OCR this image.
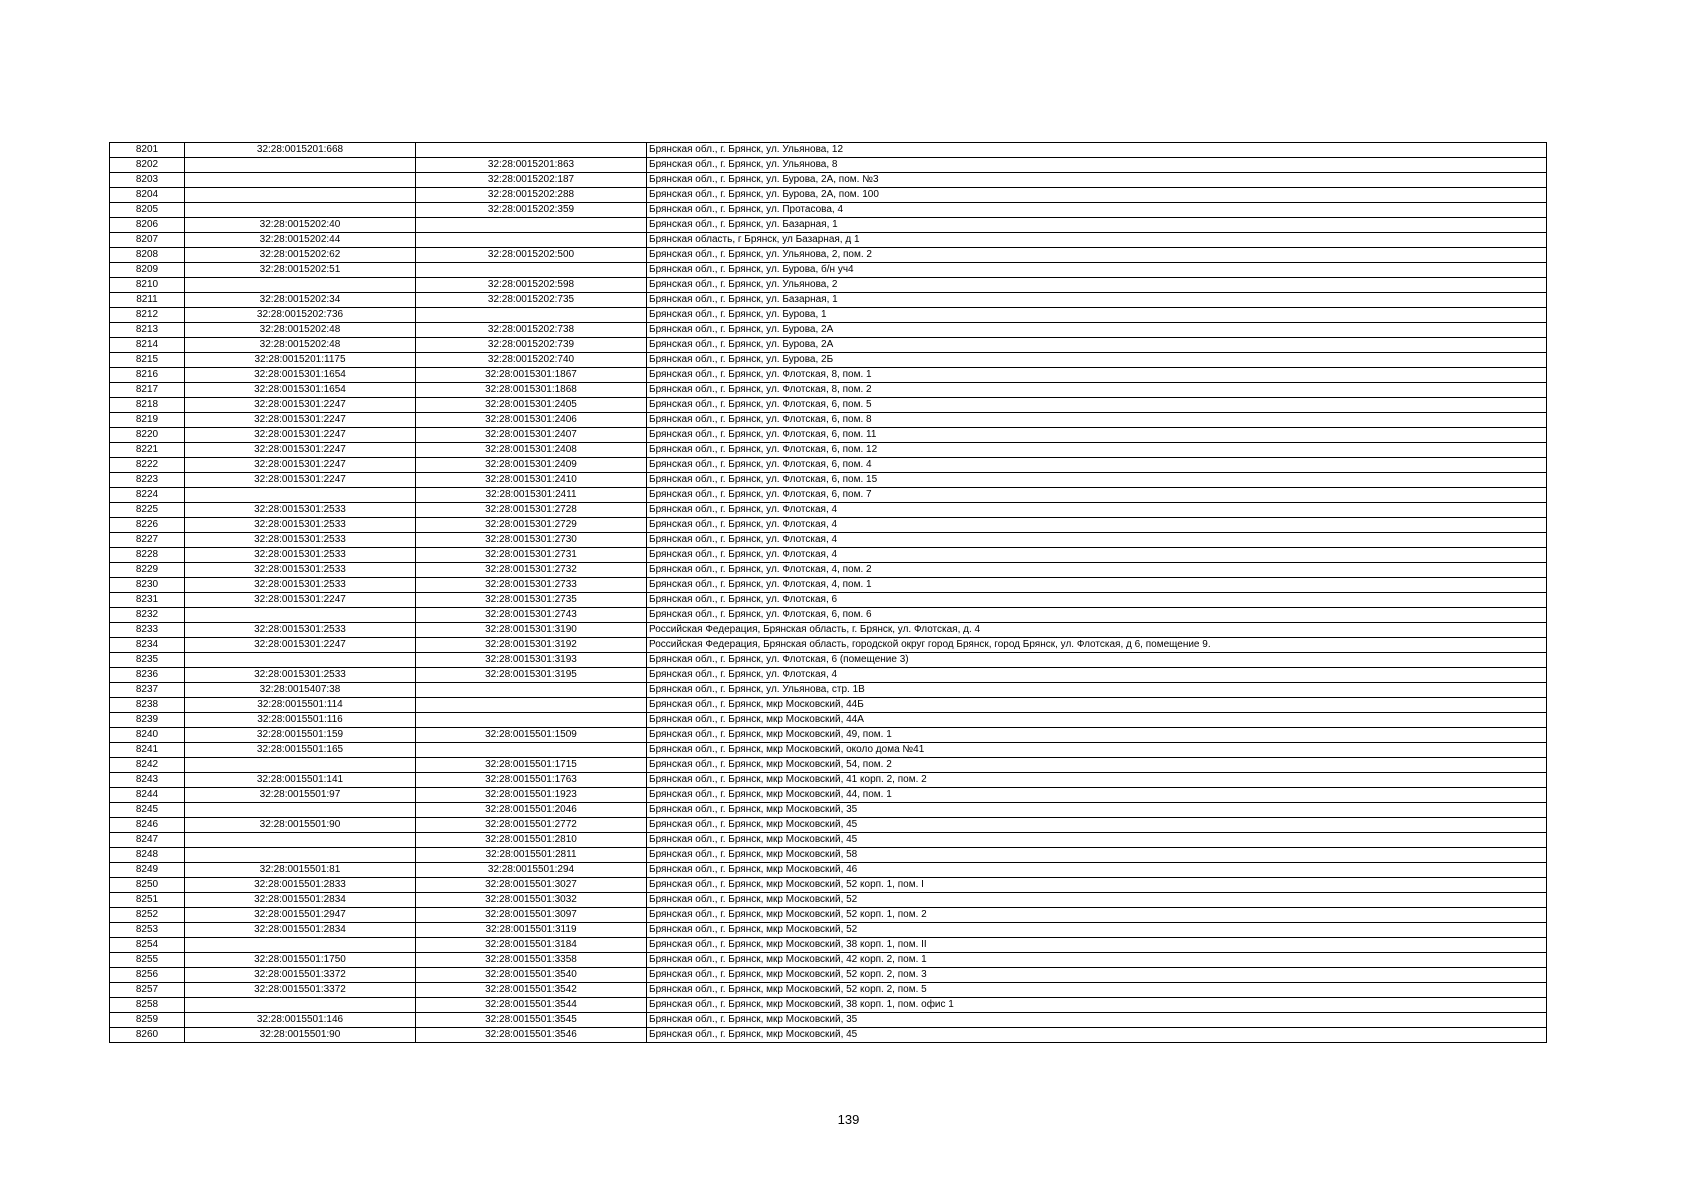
8201	32:28:0015201:668		Брянская обл., г. Брянск, ул. Ульянова, 12
8202		32:28:0015201:863	Брянская обл., г. Брянск, ул. Ульянова, 8
8203		32:28:0015202:187	Брянская обл., г. Брянск, ул. Бурова, 2А, пом. №3
8204		32:28:0015202:288	Брянская обл., г. Брянск, ул. Бурова, 2А, пом. 100
8205		32:28:0015202:359	Брянская обл., г. Брянск, ул. Протасова, 4
8206	32:28:0015202:40		Брянская обл., г. Брянск, ул. Базарная, 1
8207	32:28:0015202:44		Брянская область, г Брянск, ул Базарная, д 1
8208	32:28:0015202:62	32:28:0015202:500	Брянская обл., г. Брянск, ул. Ульянова, 2, пом. 2
8209	32:28:0015202:51		Брянская обл., г. Брянск, ул. Бурова, б/н уч4
8210		32:28:0015202:598	Брянская обл., г. Брянск, ул. Ульянова, 2
8211	32:28:0015202:34	32:28:0015202:735	Брянская обл., г. Брянск, ул. Базарная, 1
8212	32:28:0015202:736		Брянская обл., г. Брянск, ул. Бурова, 1
8213	32:28:0015202:48	32:28:0015202:738	Брянская обл., г. Брянск, ул. Бурова, 2А
8214	32:28:0015202:48	32:28:0015202:739	Брянская обл., г. Брянск, ул. Бурова, 2А
8215	32:28:0015201:1175	32:28:0015202:740	Брянская обл., г. Брянск, ул. Бурова, 2Б
8216	32:28:0015301:1654	32:28:0015301:1867	Брянская обл., г. Брянск, ул. Флотская, 8, пом. 1
8217	32:28:0015301:1654	32:28:0015301:1868	Брянская обл., г. Брянск, ул. Флотская, 8, пом. 2
8218	32:28:0015301:2247	32:28:0015301:2405	Брянская обл., г. Брянск, ул. Флотская, 6, пом. 5
8219	32:28:0015301:2247	32:28:0015301:2406	Брянская обл., г. Брянск, ул. Флотская, 6, пом. 8
8220	32:28:0015301:2247	32:28:0015301:2407	Брянская обл., г. Брянск, ул. Флотская, 6, пом. 11
8221	32:28:0015301:2247	32:28:0015301:2408	Брянская обл., г. Брянск, ул. Флотская, 6, пом. 12
8222	32:28:0015301:2247	32:28:0015301:2409	Брянская обл., г. Брянск, ул. Флотская, 6, пом. 4
8223	32:28:0015301:2247	32:28:0015301:2410	Брянская обл., г. Брянск, ул. Флотская, 6, пом. 15
8224		32:28:0015301:2411	Брянская обл., г. Брянск, ул. Флотская, 6, пом. 7
8225	32:28:0015301:2533	32:28:0015301:2728	Брянская обл., г. Брянск, ул. Флотская, 4
8226	32:28:0015301:2533	32:28:0015301:2729	Брянская обл., г. Брянск, ул. Флотская, 4
8227	32:28:0015301:2533	32:28:0015301:2730	Брянская обл., г. Брянск, ул. Флотская, 4
8228	32:28:0015301:2533	32:28:0015301:2731	Брянская обл., г. Брянск, ул. Флотская, 4
8229	32:28:0015301:2533	32:28:0015301:2732	Брянская обл., г. Брянск, ул. Флотская, 4, пом. 2
8230	32:28:0015301:2533	32:28:0015301:2733	Брянская обл., г. Брянск, ул. Флотская, 4, пом. 1
8231	32:28:0015301:2247	32:28:0015301:2735	Брянская обл., г. Брянск, ул. Флотская, 6
8232		32:28:0015301:2743	Брянская обл., г. Брянск, ул. Флотская, 6, пом. 6
8233	32:28:0015301:2533	32:28:0015301:3190	Российская Федерация, Брянская область, г. Брянск, ул. Флотская, д. 4
8234	32:28:0015301:2247	32:28:0015301:3192	Российская Федерация, Брянская область, городской округ город Брянск, город Брянск, ул. Флотская, д 6, помещение 9.
8235		32:28:0015301:3193	Брянская обл., г. Брянск, ул. Флотская, 6 (помещение 3)
8236	32:28:0015301:2533	32:28:0015301:3195	Брянская обл., г. Брянск, ул. Флотская, 4
8237	32:28:0015407:38		Брянская обл., г. Брянск, ул. Ульянова, стр. 1В
8238	32:28:0015501:114		Брянская обл., г. Брянск, мкр Московский, 44Б
8239	32:28:0015501:116		Брянская обл., г. Брянск, мкр Московский, 44А
8240	32:28:0015501:159	32:28:0015501:1509	Брянская обл., г. Брянск, мкр Московский, 49, пом. 1
8241	32:28:0015501:165		Брянская обл., г. Брянск, мкр Московский, около дома №41
8242		32:28:0015501:1715	Брянская обл., г. Брянск, мкр Московский, 54, пом. 2
8243	32:28:0015501:141	32:28:0015501:1763	Брянская обл., г. Брянск, мкр Московский, 41 корп. 2, пом. 2
8244	32:28:0015501:97	32:28:0015501:1923	Брянская обл., г. Брянск, мкр Московский, 44, пом. 1
8245		32:28:0015501:2046	Брянская обл., г. Брянск, мкр Московский, 35
8246	32:28:0015501:90	32:28:0015501:2772	Брянская обл., г. Брянск, мкр Московский, 45
8247		32:28:0015501:2810	Брянская обл., г. Брянск, мкр Московский, 45
8248		32:28:0015501:2811	Брянская обл., г. Брянск, мкр Московский, 58
8249	32:28:0015501:81	32:28:0015501:294	Брянская обл., г. Брянск, мкр Московский, 46
8250	32:28:0015501:2833	32:28:0015501:3027	Брянская обл., г. Брянск, мкр Московский, 52 корп. 1, пом. I
8251	32:28:0015501:2834	32:28:0015501:3032	Брянская обл., г. Брянск, мкр Московский, 52
8252	32:28:0015501:2947	32:28:0015501:3097	Брянская обл., г. Брянск, мкр Московский, 52 корп. 1, пом. 2
8253	32:28:0015501:2834	32:28:0015501:3119	Брянская обл., г. Брянск, мкр Московский, 52
8254		32:28:0015501:3184	Брянская обл., г. Брянск, мкр Московский, 38 корп. 1, пом. II
8255	32:28:0015501:1750	32:28:0015501:3358	Брянская обл., г. Брянск, мкр Московский, 42 корп. 2, пом. 1
8256	32:28:0015501:3372	32:28:0015501:3540	Брянская обл., г. Брянск, мкр Московский, 52 корп. 2, пом. 3
8257	32:28:0015501:3372	32:28:0015501:3542	Брянская обл., г. Брянск, мкр Московский, 52 корп. 2, пом. 5
8258		32:28:0015501:3544	Брянская обл., г. Брянск, мкр Московский, 38 корп. 1, пом. офис 1
8259	32:28:0015501:146	32:28:0015501:3545	Брянская обл., г. Брянск, мкр Московский, 35
8260	32:28:0015501:90	32:28:0015501:3546	Брянская обл., г. Брянск, мкр Московский, 45
139
